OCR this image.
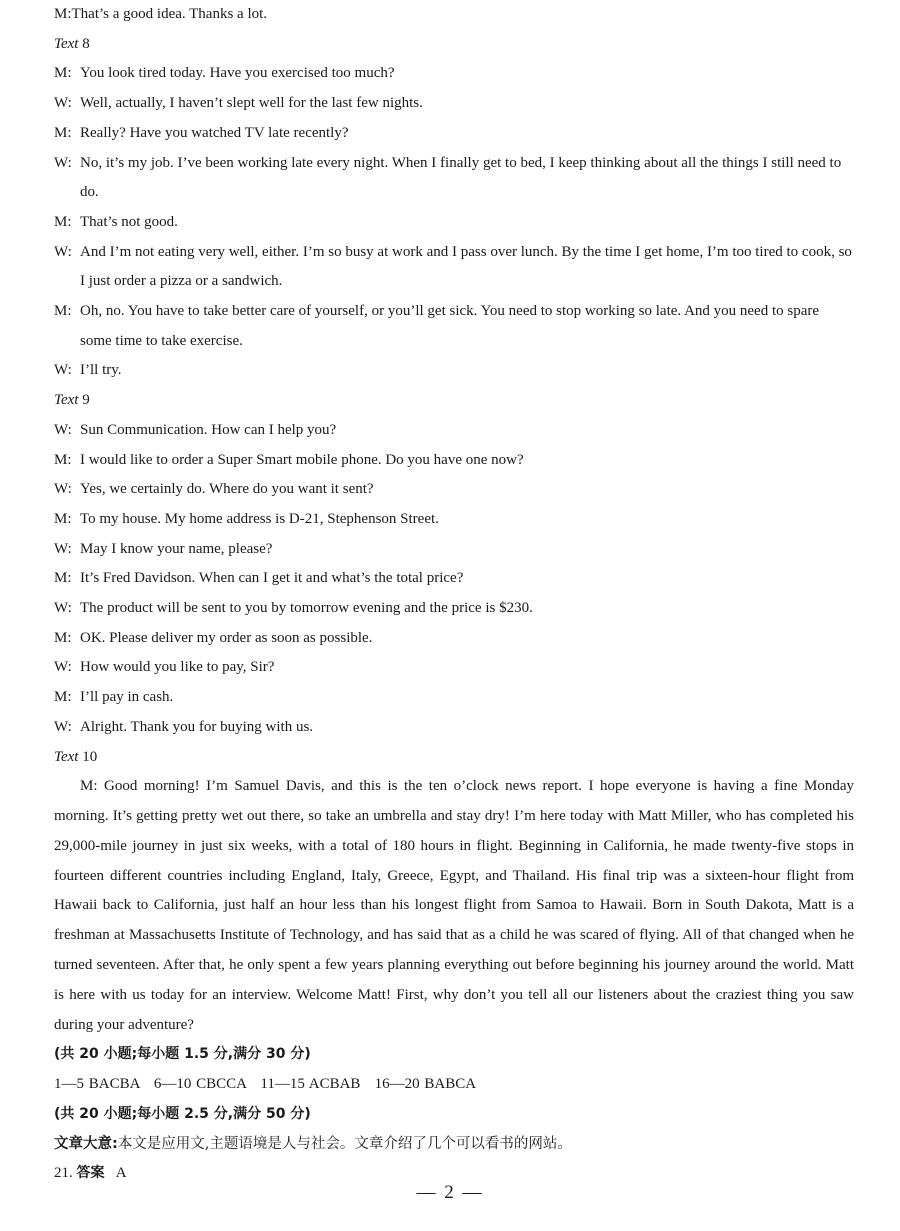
M:That’s a good idea. Thanks a lot.
Text 8
M: You look tired today. Have you exercised too much?
W: Well, actually, I haven’t slept well for the last few nights.
M: Really? Have you watched TV late recently?
W: No, it’s my job. I’ve been working late every night. When I finally get to bed, I keep thinking about all the things I still need to do.
M: That’s not good.
W: And I’m not eating very well, either. I’m so busy at work and I pass over lunch. By the time I get home, I’m too tired to cook, so I just order a pizza or a sandwich.
M: Oh, no. You have to take better care of yourself, or you’ll get sick. You need to stop working so late. And you need to spare some time to take exercise.
W: I’ll try.
Text 9
W: Sun Communication. How can I help you?
M: I would like to order a Super Smart mobile phone. Do you have one now?
W: Yes, we certainly do. Where do you want it sent?
M: To my house. My home address is D-21, Stephenson Street.
W: May I know your name, please?
M: It’s Fred Davidson. When can I get it and what’s the total price?
W: The product will be sent to you by tomorrow evening and the price is $230.
M: OK. Please deliver my order as soon as possible.
W: How would you like to pay, Sir?
M: I’ll pay in cash.
W: Alright. Thank you for buying with us.
Text 10

M: Good morning! I’m Samuel Davis, and this is the ten o’clock news report. I hope everyone is having a fine Monday morning. It’s getting pretty wet out there, so take an umbrella and stay dry! I’m here today with Matt Miller, who has completed his 29,000-mile journey in just six weeks, with a total of 180 hours in flight. Beginning in California, he made twenty-five stops in fourteen different countries including England, Italy, Greece, Egypt, and Thailand. His final trip was a sixteen-hour flight from Hawaii back to California, just half an hour less than his longest flight from Samoa to Hawaii. Born in South Dakota, Matt is a freshman at Massachusetts Institute of Technology, and has said that as a child he was scared of flying. All of that changed when he turned seventeen. After that, he only spent a few years planning everything out before beginning his journey around the world. Matt is here with us today for an interview. Welcome Matt! First, why don’t you tell all our listeners about the craziest thing you saw during your adventure?

(共 20 小题;每小题 1.5 分,满分 30 分)
1—5 BACBA   6—10 CBCCA   11—15 ACBAB   16—20 BABCA
(共 20 小题;每小题 2.5 分,满分 50 分)
文章大意:本文是应用文,主题语境是人与社会。文章介绍了几个可以看书的网站。
21. 答案 A
— 2 —
